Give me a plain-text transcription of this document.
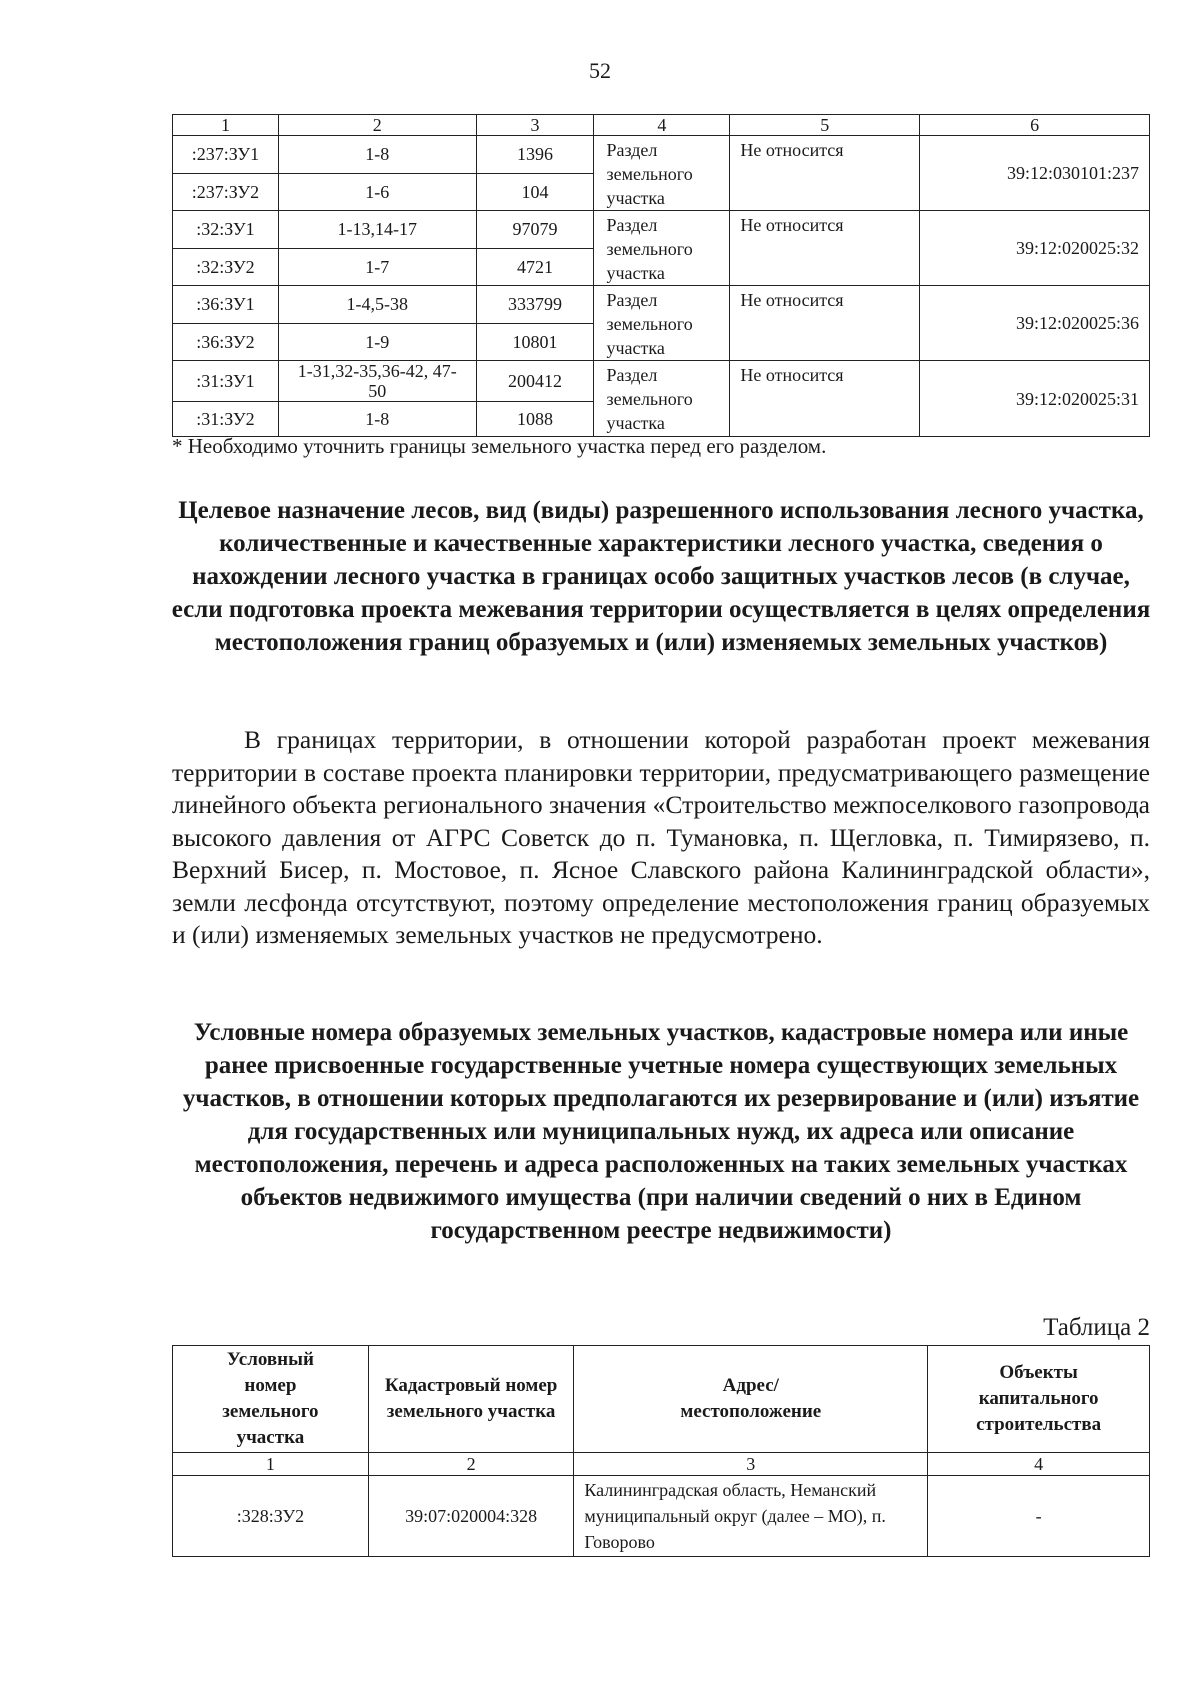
52
1	2	3	4	5	6
:237:ЗУ1	1-8	1396	Раздел земельного участка	Не относится	39:12:030101:237
:237:ЗУ2	1-6	104			
:32:ЗУ1	1-13,14-17	97079	Раздел земельного участка	Не относится	39:12:020025:32
:32:ЗУ2	1-7	4721			
:36:ЗУ1	1-4,5-38	333799	Раздел земельного участка	Не относится	39:12:020025:36
:36:ЗУ2	1-9	10801			
:31:ЗУ1	1-31,32-35,36-42, 47-50	200412	Раздел земельного участка	Не относится	39:12:020025:31
:31:ЗУ2	1-8	1088			
* Необходимо уточнить границы земельного участка перед его разделом.
Целевое назначение лесов, вид (виды) разрешенного использования лесного участка, количественные и качественные характеристики лесного участка, сведения о нахождении лесного участка в границах особо защитных участков лесов (в случае, если подготовка проекта межевания территории осуществляется в целях определения местоположения границ образуемых и (или) изменяемых земельных участков)
В границах территории, в отношении которой разработан проект межевания территории в составе проекта планировки территории, предусматривающего размещение линейного объекта регионального значения «Строительство межпоселкового газопровода высокого давления от АГРС Советск до п. Тумановка, п. Щегловка, п. Тимирязево, п. Верхний Бисер, п. Мостовое, п. Ясное Славского района Калининградской области», земли лесфонда отсутствуют, поэтому определение местоположения границ образуемых и (или) изменяемых земельных участков не предусмотрено.
Условные номера образуемых земельных участков, кадастровые номера или иные ранее присвоенные государственные учетные номера существующих земельных участков, в отношении которых предполагаются их резервирование и (или) изъятие для государственных или муниципальных нужд, их адреса или описание местоположения, перечень и адреса расположенных на таких земельных участках объектов недвижимого имущества (при наличии сведений о них в Едином государственном реестре недвижимости)
Таблица 2
Условный номер земельного участка	Кадастровый номер земельного участка	Адрес/ местоположение	Объекты капитального строительства
1	2	3	4
:328:ЗУ2	39:07:020004:328	Калининградская область, Неманский муниципальный округ (далее – МО), п. Говорово	-
